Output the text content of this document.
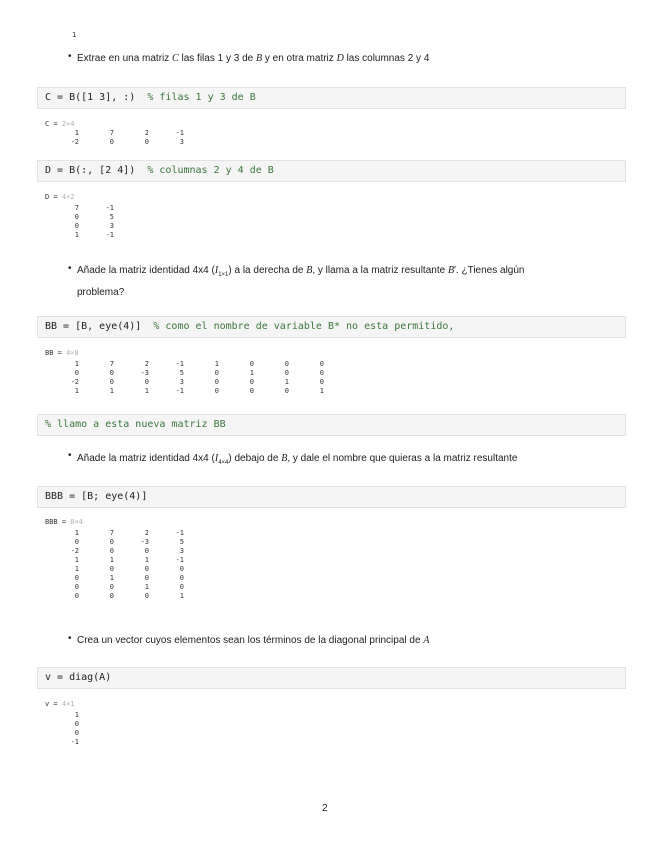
1
• Extrae en una matriz C las filas 1 y 3 de B y en otra matriz D las columnas 2 y 4
C = B([1 3], :)  % filas 1 y 3 de B
C = 2×4
1	7	2	-1
-2	0	0	3
D = B(:, [2 4])  % columnas 2 y 4 de B
D = 4×2
7	-1
0	5
0	3
1	-1
• Añade la matriz identidad 4x4 $(I_{1\times 1})$ a la derecha de B, y llama a la matriz resultante B′. ¿Tienes algún
problema?
BB = [B, eye(4)]  % como el nombre de variable B* no esta permitido,
BB = 4×8
1	7	2	-1	1	0	0	0
0	0	-3	5	0	1	0	0
-2	0	0	3	0	0	1	0
1	1	1	-1	0	0	0	1
% llamo a esta nueva matriz BB
• Añade la matriz identidad 4x4 $(I_{4\times 4})$ debajo de B, y dale el nombre que quieras a la matriz resultante
BBB = [B; eye(4)]
BBB = 8×4
1	7	2	-1
0	0	-3	5
-2	0	0	3
1	1	1	-1
1	0	0	0
0	1	0	0
0	0	1	0
0	0	0	1
• Crea un vector cuyos elementos sean los términos de la diagonal principal de A
v = diag(A)
v = 4×1
1
0
0
-1
2
